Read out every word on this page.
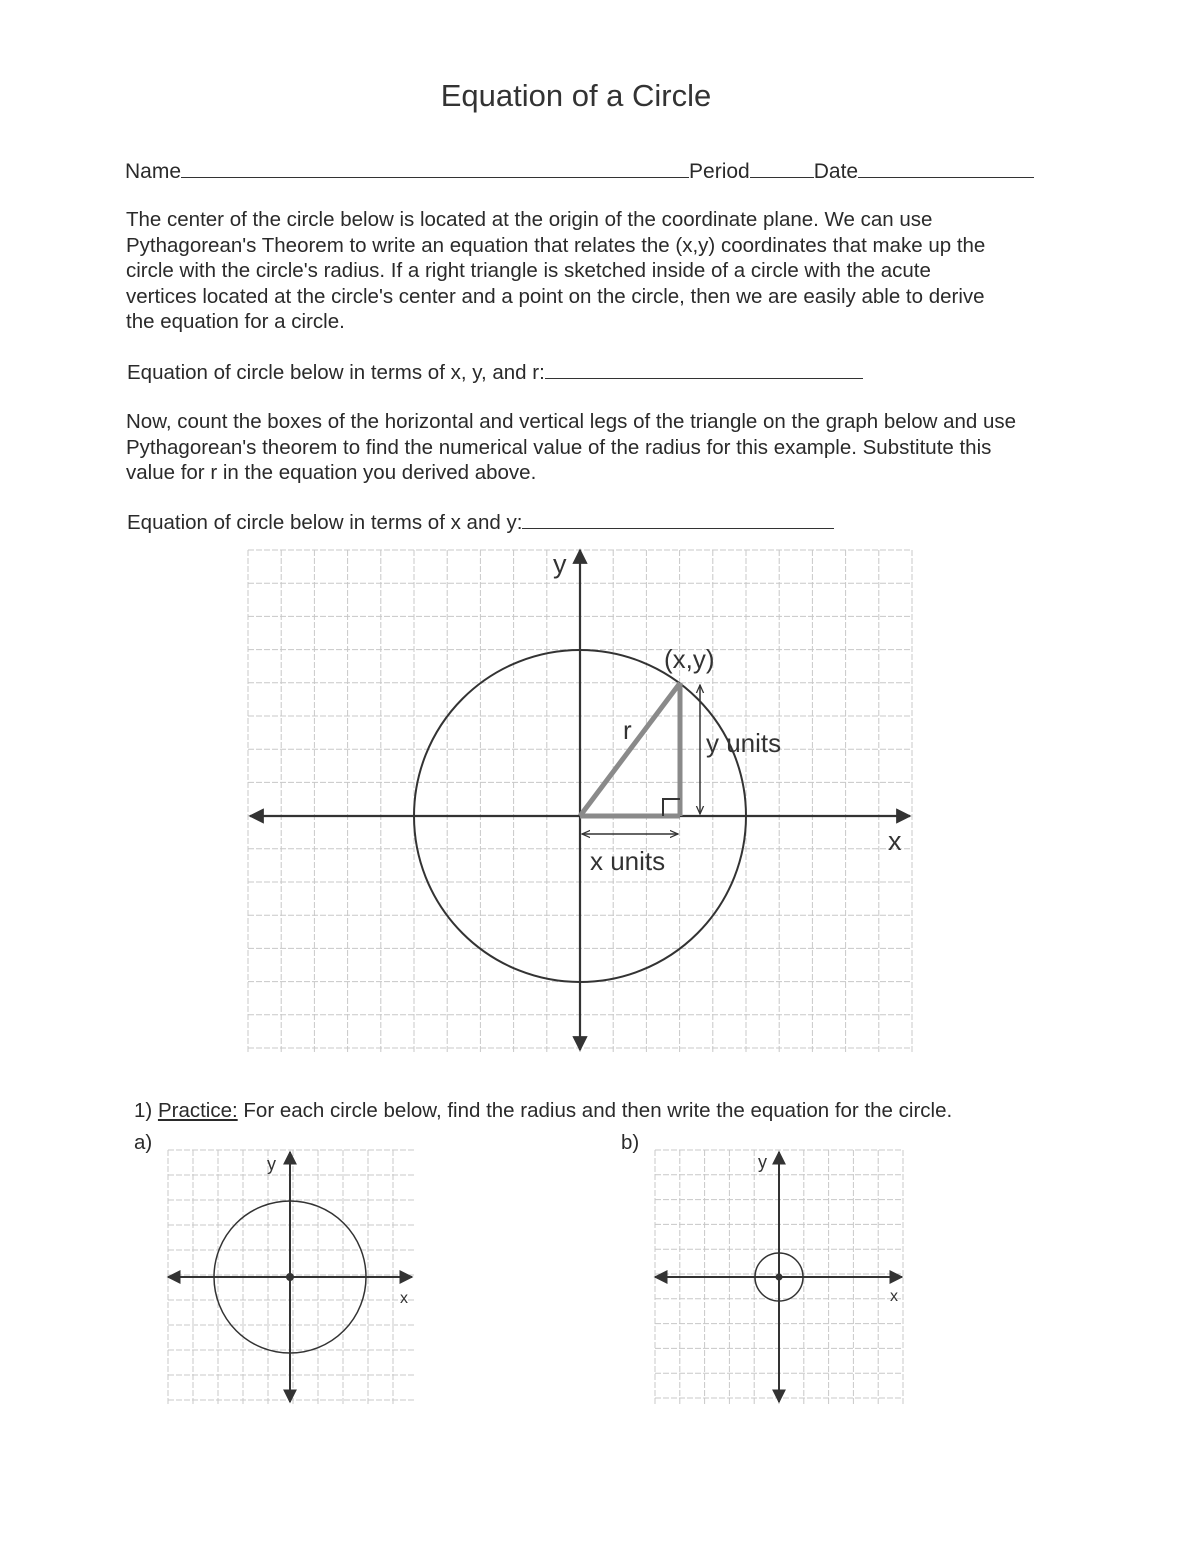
Equation of a Circle
Name	Period	Date

The center of the circle below is located at the origin of the coordinate plane. We can use

Pythagorean's Theorem to write an equation that relates the (x,y) coordinates that make up the

circle with the circle's radius. If a right triangle is sketched inside of a circle with the acute

vertices located at the circle's center and a point on the circle, then we are easily able to derive

the equation for a circle.

Equation of circle below in terms of x, y, and r:

Now, count the boxes of the horizontal and vertical legs of the triangle on the graph below and use

Pythagorean's theorem to find the numerical value of the radius for this example. Substitute this

value for r in the equation you derived above.

Equation of circle below in terms of x and y:
y
x
(x,y)
r	y units
x units
y
x
y
x
1) Practice: For each circle below, find the radius and then write the equation for the circle.
a)	b)
